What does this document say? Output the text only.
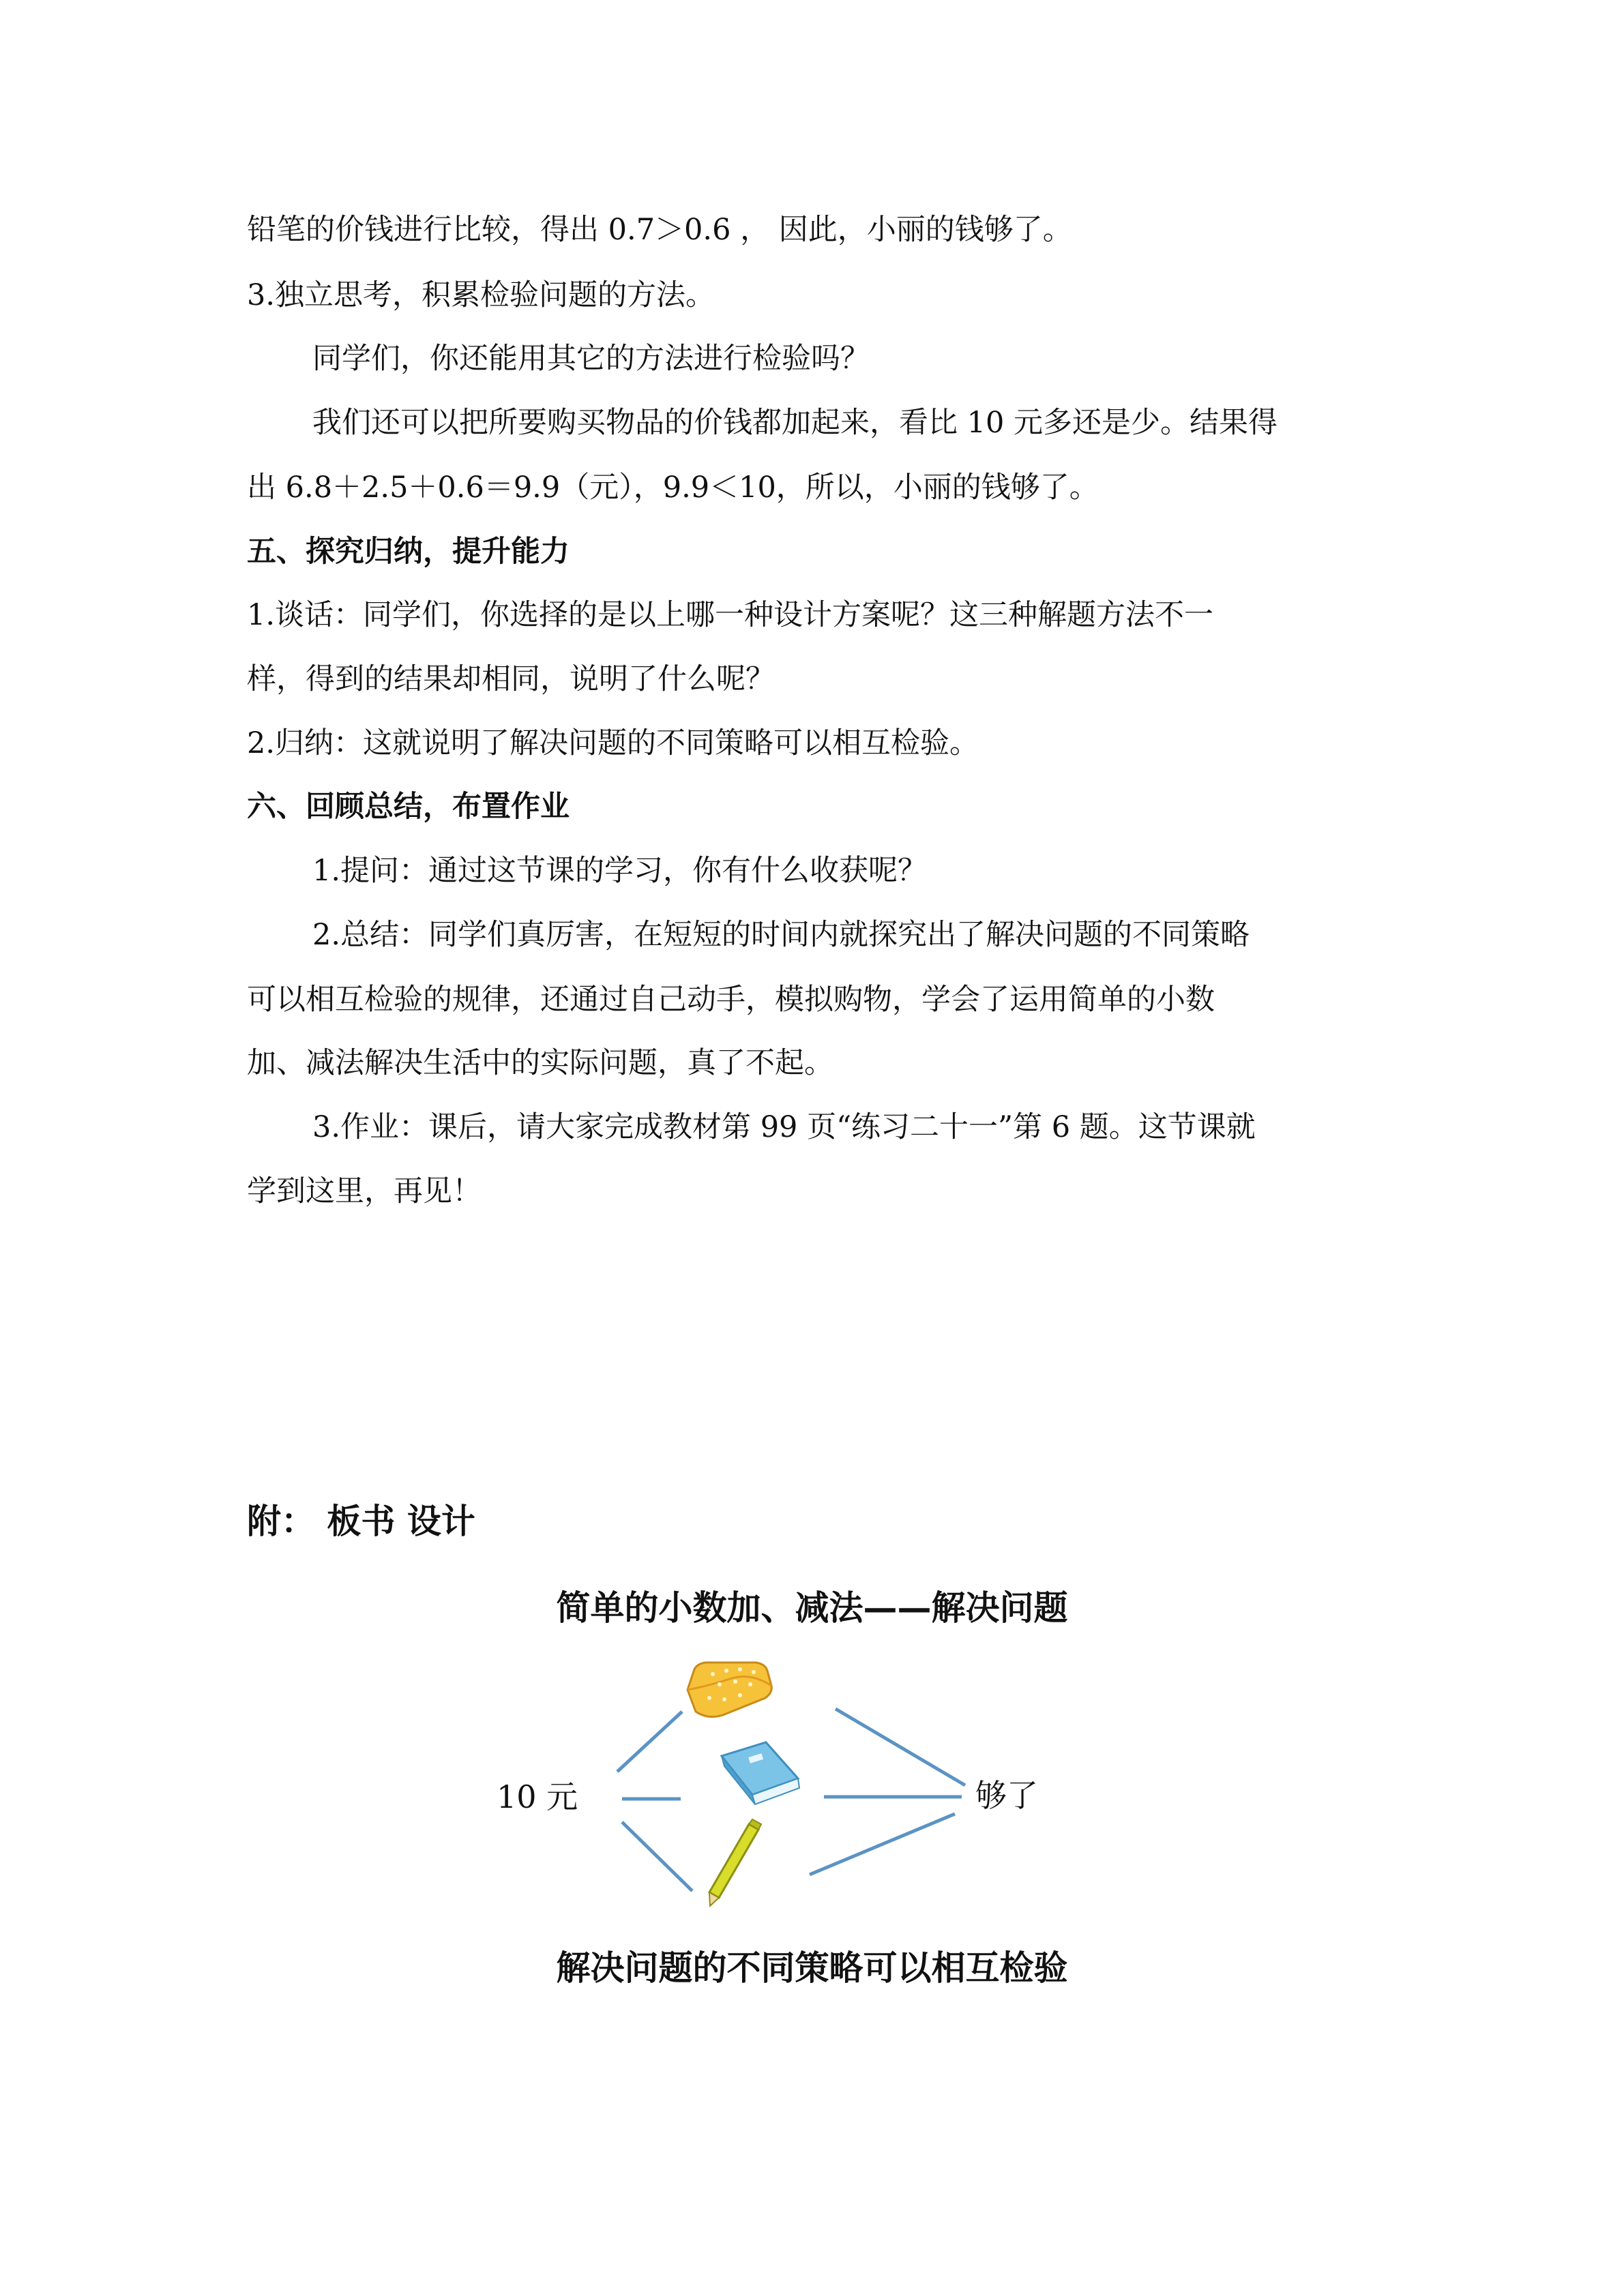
铅笔的价钱进行比较，得出 0.7＞0.6 ， 因此，小丽的钱够了。
3.独立思考，积累检验问题的方法。
同学们，你还能用其它的方法进行检验吗？
我们还可以把所要购买物品的价钱都加起来，看比 10 元多还是少。结果得
出 6.8＋2.5＋0.6＝9.9（元），9.9＜10，所以，小丽的钱够了。
五、探究归纳，提升能力
1.谈话：同学们，你选择的是以上哪一种设计方案呢？这三种解题方法不一
样，得到的结果却相同，说明了什么呢？
2.归纳：这就说明了解决问题的不同策略可以相互检验。
六、回顾总结，布置作业
1.提问：通过这节课的学习，你有什么收获呢？
2.总结：同学们真厉害，在短短的时间内就探究出了解决问题的不同策略
可以相互检验的规律，还通过自己动手，模拟购物，学会了运用简单的小数
加、减法解决生活中的实际问题，真了不起。
3.作业：课后，请大家完成教材第 99 页“练习二十一”第 6 题。这节课就
学到这里，再见！
附： 板书 设计
简单的小数加、减法——解决问题
10 元	够了
解决问题的不同策略可以相互检验
